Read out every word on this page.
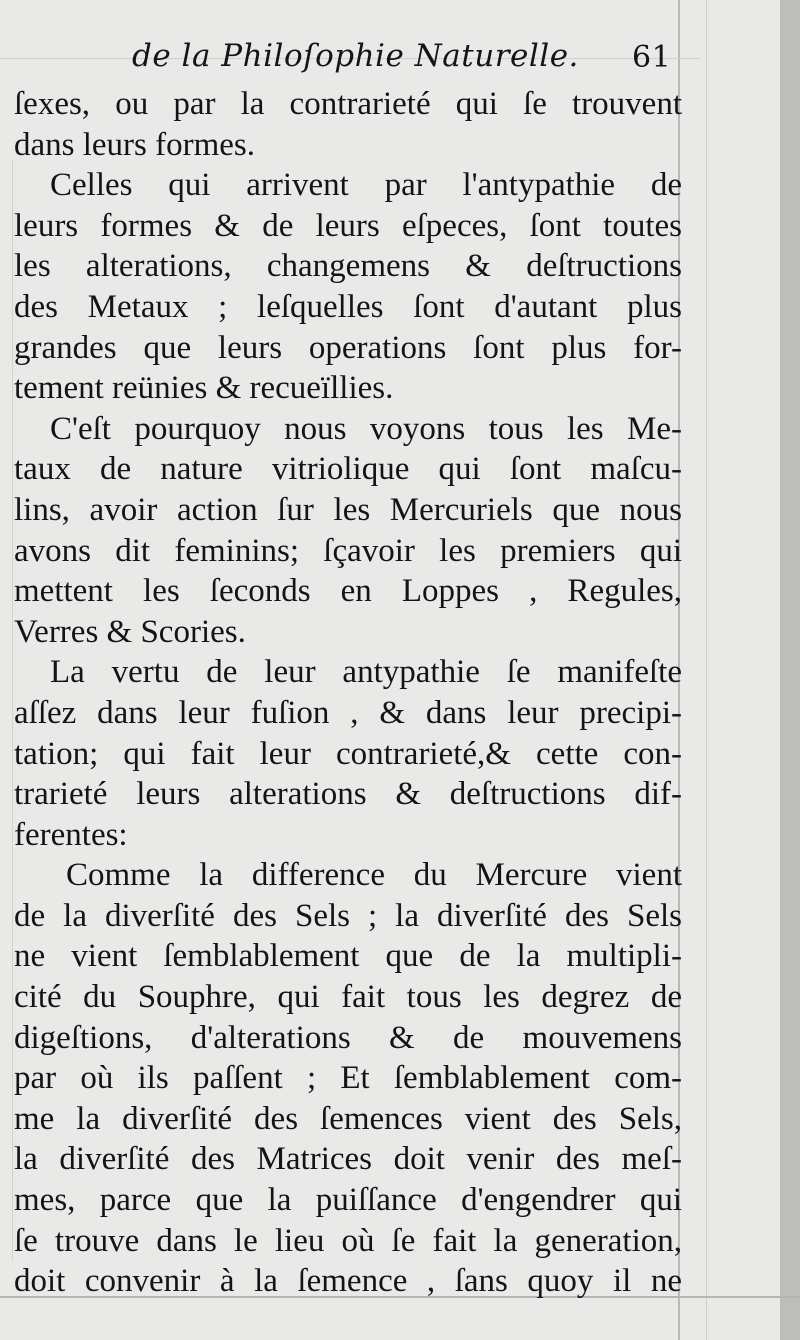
de la Philoſophie Naturelle. 61
ſexes, ou par la contrarieté qui ſe trouvent
dans leurs formes.
Celles qui arrivent par l'antypathie de
leurs formes & de leurs eſpeces, ſont toutes
les alterations, changemens & deſtructions
des Metaux ; leſquelles ſont d'autant plus
grandes que leurs operations ſont plus for-
tement reünies & recueïllies.
C'eſt pourquoy nous voyons tous les Me-
taux de nature vitriolique qui ſont maſcu-
lins, avoir action ſur les Mercuriels que nous
avons dit feminins; ſçavoir les premiers qui
mettent les ſeconds en Loppes , Regules,
Verres & Scories.
La vertu de leur antypathie ſe manifeſte
aſſez dans leur fuſion , & dans leur precipi-
tation; qui fait leur contrarieté,& cette con-
trarieté leurs alterations & deſtructions dif-
ferentes:
Comme la difference du Mercure vient
de la diverſité des Sels ; la diverſité des Sels
ne vient ſemblablement que de la multipli-
cité du Souphre, qui fait tous les degrez de
digeſtions, d'alterations & de mouvemens
par où ils paſſent ; Et ſemblablement com-
me la diverſité des ſemences vient des Sels,
la diverſité des Matrices doit venir des meſ-
mes, parce que la puiſſance d'engendrer qui
ſe trouve dans le lieu où ſe fait la generation,
doit convenir à la ſemence , ſans quoy il ne
